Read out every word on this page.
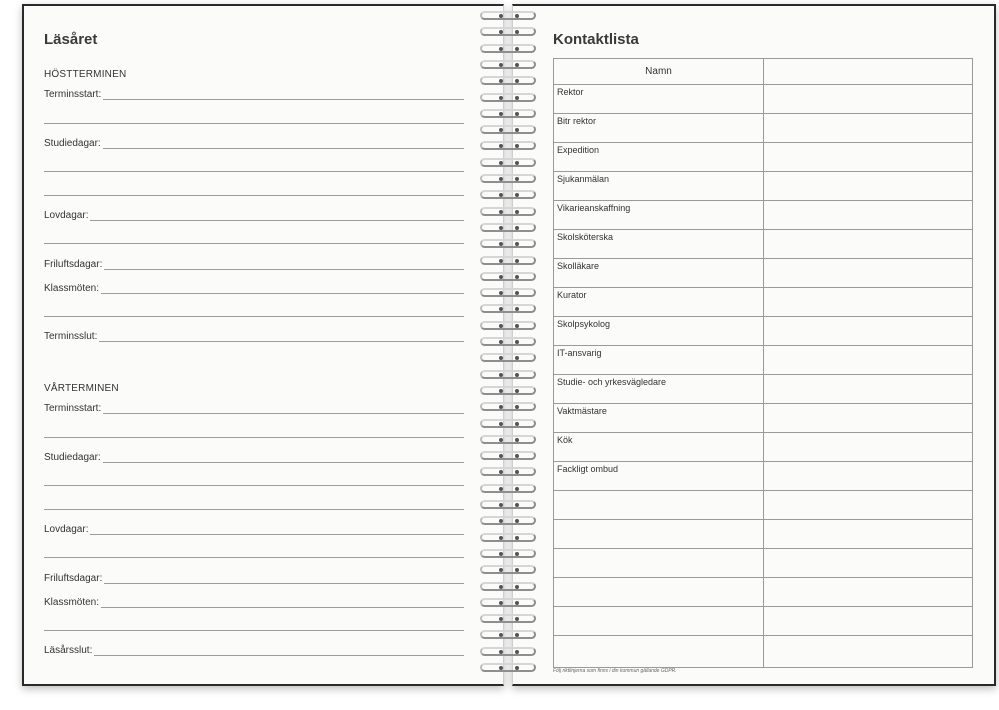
Läsåret
HÖSTTERMINEN
Terminsstart:
Studiedagar:
Lovdagar:
Friluftsdagar:
Klassmöten:
Terminsslut:
VÅRTERMINEN
Terminsstart:
Studiedagar:
Lovdagar:
Friluftsdagar:
Klassmöten:
Läsårsslut:
Kontaktlista
Namn
Rektor
Bitr rektor
Expedition
Sjukanmälan
Vikarieanskaffning
Skolsköterska
Skolläkare
Kurator
Skolpsykolog
IT-ansvarig
Studie- och yrkesvägledare
Vaktmästare
Kök
Fackligt ombud
Följ riktlinjerna som finns i din kommun gällande GDPR.
